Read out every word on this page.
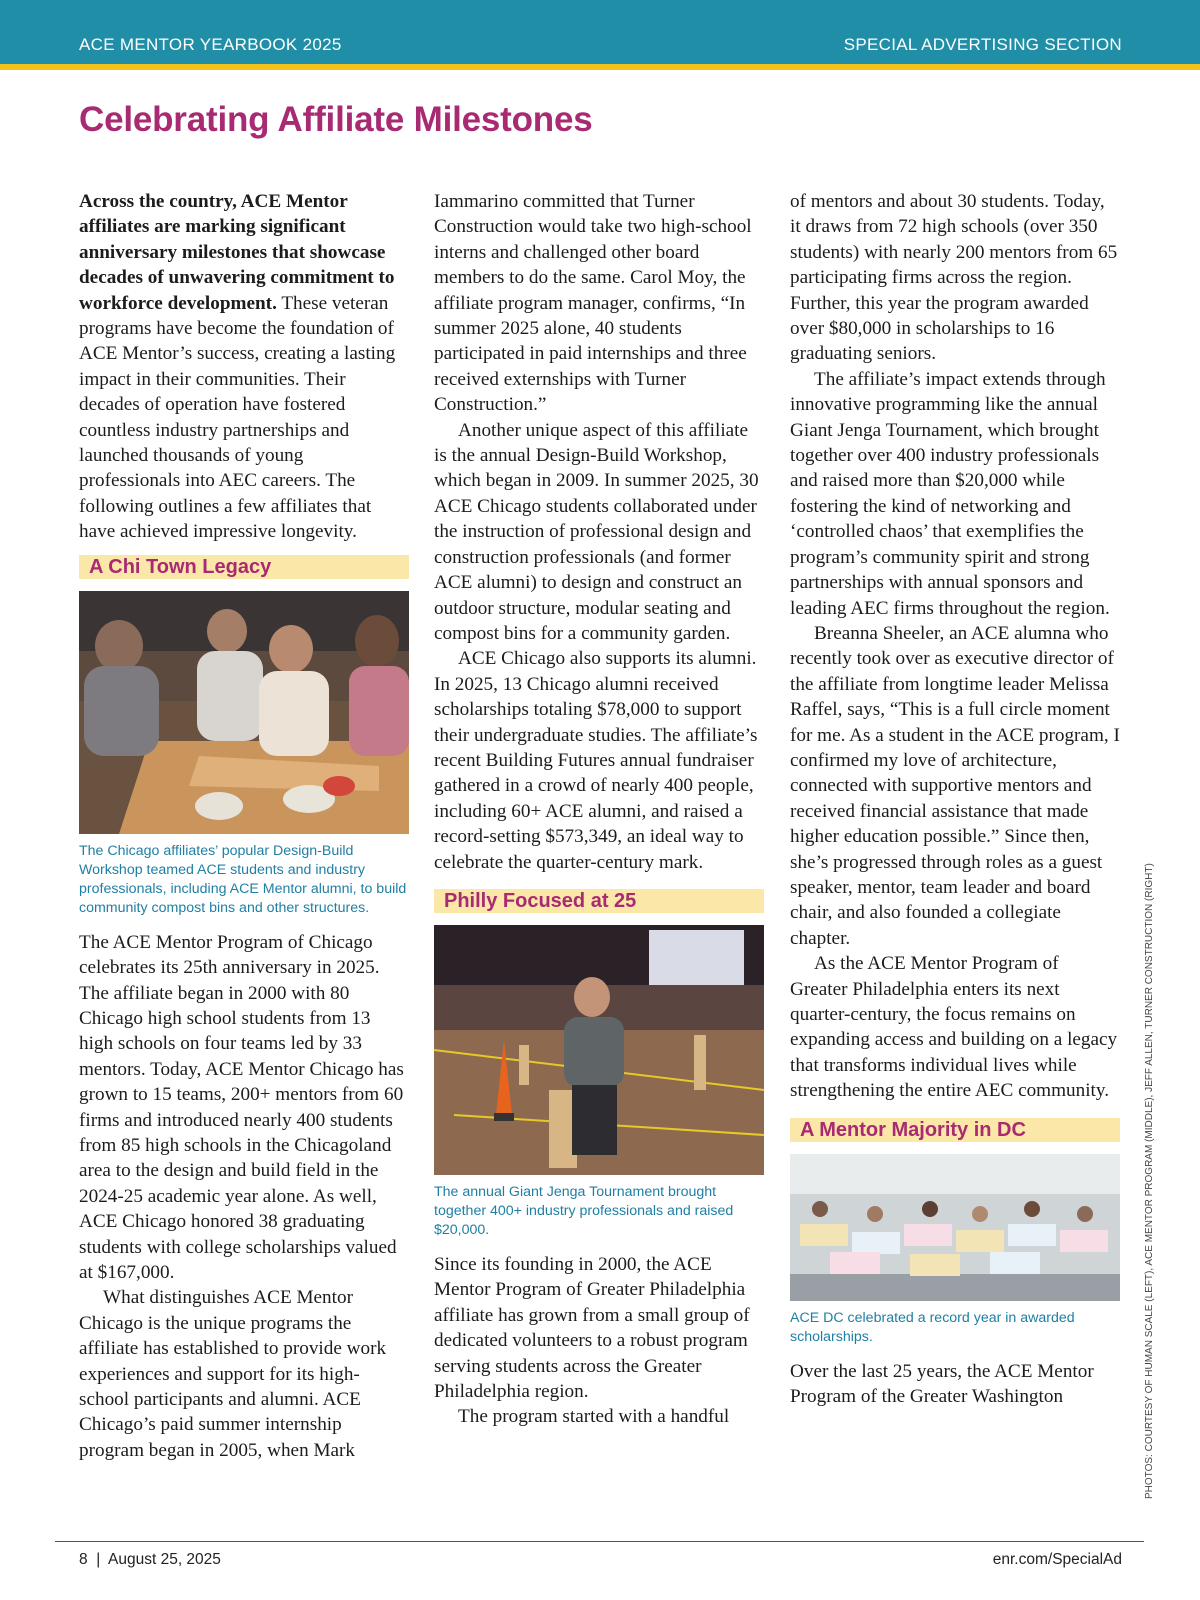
ACE MENTOR YEARBOOK 2025	SPECIAL ADVERTISING SECTION
Celebrating Affiliate Milestones

Across the country, ACE Mentor affiliates are marking significant anniversary milestones that showcase decades of unwavering commitment to workforce development. These veteran programs have become the foundation of ACE Mentor’s success, creating a lasting impact in their communities. Their decades of operation have fostered countless industry partnerships and launched thousands of young professionals into AEC careers. The following outlines a few affiliates that have achieved impressive longevity.

A Chi Town Legacy
The Chicago affiliates’ popular Design-Build Workshop teamed ACE students and industry professionals, including ACE Mentor alumni, to build community compost bins and other structures.

The ACE Mentor Program of Chicago celebrates its 25th anniversary in 2025. The affiliate began in 2000 with 80 Chicago high school students from 13 high schools on four teams led by 33 mentors. Today, ACE Mentor Chicago has grown to 15 teams, 200+ mentors from 60 firms and introduced nearly 400 students from 85 high schools in the Chicagoland area to the design and build field in the 2024-25 academic year alone. As well, ACE Chicago honored 38 graduating students with college scholarships valued at $167,000.

What distinguishes ACE Mentor Chicago is the unique programs the affiliate has established to provide work experiences and support for its high-school participants and alumni. ACE Chicago’s paid summer internship program began in 2005, when Mark

Iammarino committed that Turner Construction would take two high-school interns and challenged other board members to do the same. Carol Moy, the affiliate program manager, confirms, “In summer 2025 alone, 40 students participated in paid internships and three received externships with Turner Construction.”

Another unique aspect of this affiliate is the annual Design-Build Workshop, which began in 2009. In summer 2025, 30 ACE Chicago students collaborated under the instruction of professional design and construction professionals (and former ACE alumni) to design and construct an outdoor structure, modular seating and compost bins for a community garden.

ACE Chicago also supports its alumni. In 2025, 13 Chicago alumni received scholarships totaling $78,000 to support their undergraduate studies. The affiliate’s recent Building Futures annual fundraiser gathered in a crowd of nearly 400 people, including 60+ ACE alumni, and raised a record-setting $573,349, an ideal way to celebrate the quarter-century mark.

Philly Focused at 25
The annual Giant Jenga Tournament brought together 400+ industry professionals and raised $20,000.

Since its founding in 2000, the ACE Mentor Program of Greater Philadelphia affiliate has grown from a small group of dedicated volunteers to a robust program serving students across the Greater Philadelphia region.

The program started with a handful

of mentors and about 30 students. Today, it draws from 72 high schools (over 350 students) with nearly 200 mentors from 65 participating firms across the region. Further, this year the program awarded over $80,000 in scholarships to 16 graduating seniors.

The affiliate’s impact extends through innovative programming like the annual Giant Jenga Tournament, which brought together over 400 industry professionals and raised more than $20,000 while fostering the kind of networking and ‘controlled chaos’ that exemplifies the program’s community spirit and strong partnerships with annual sponsors and leading AEC firms throughout the region.

Breanna Sheeler, an ACE alumna who recently took over as executive director of the affiliate from longtime leader Melissa Raffel, says, “This is a full circle moment for me. As a student in the ACE program, I confirmed my love of architecture, connected with supportive mentors and received financial assistance that made higher education possible.” Since then, she’s progressed through roles as a guest speaker, mentor, team leader and board chair, and also founded a collegiate chapter.

As the ACE Mentor Program of Greater Philadelphia enters its next quarter-century, the focus remains on expanding access and building on a legacy that transforms individual lives while strengthening the entire AEC community.

A Mentor Majority in DC
ACE DC celebrated a record year in awarded scholarships.

Over the last 25 years, the ACE Mentor Program of the Greater Washington	PHOTOS: COURTESY OF HUMAN SCALE (LEFT), ACE MENTOR PROGRAM (MIDDLE), JEFF ALLEN, TURNER CONSTRUCTION (RIGHT)
8  |  August 25, 2025	enr.com/SpecialAd
